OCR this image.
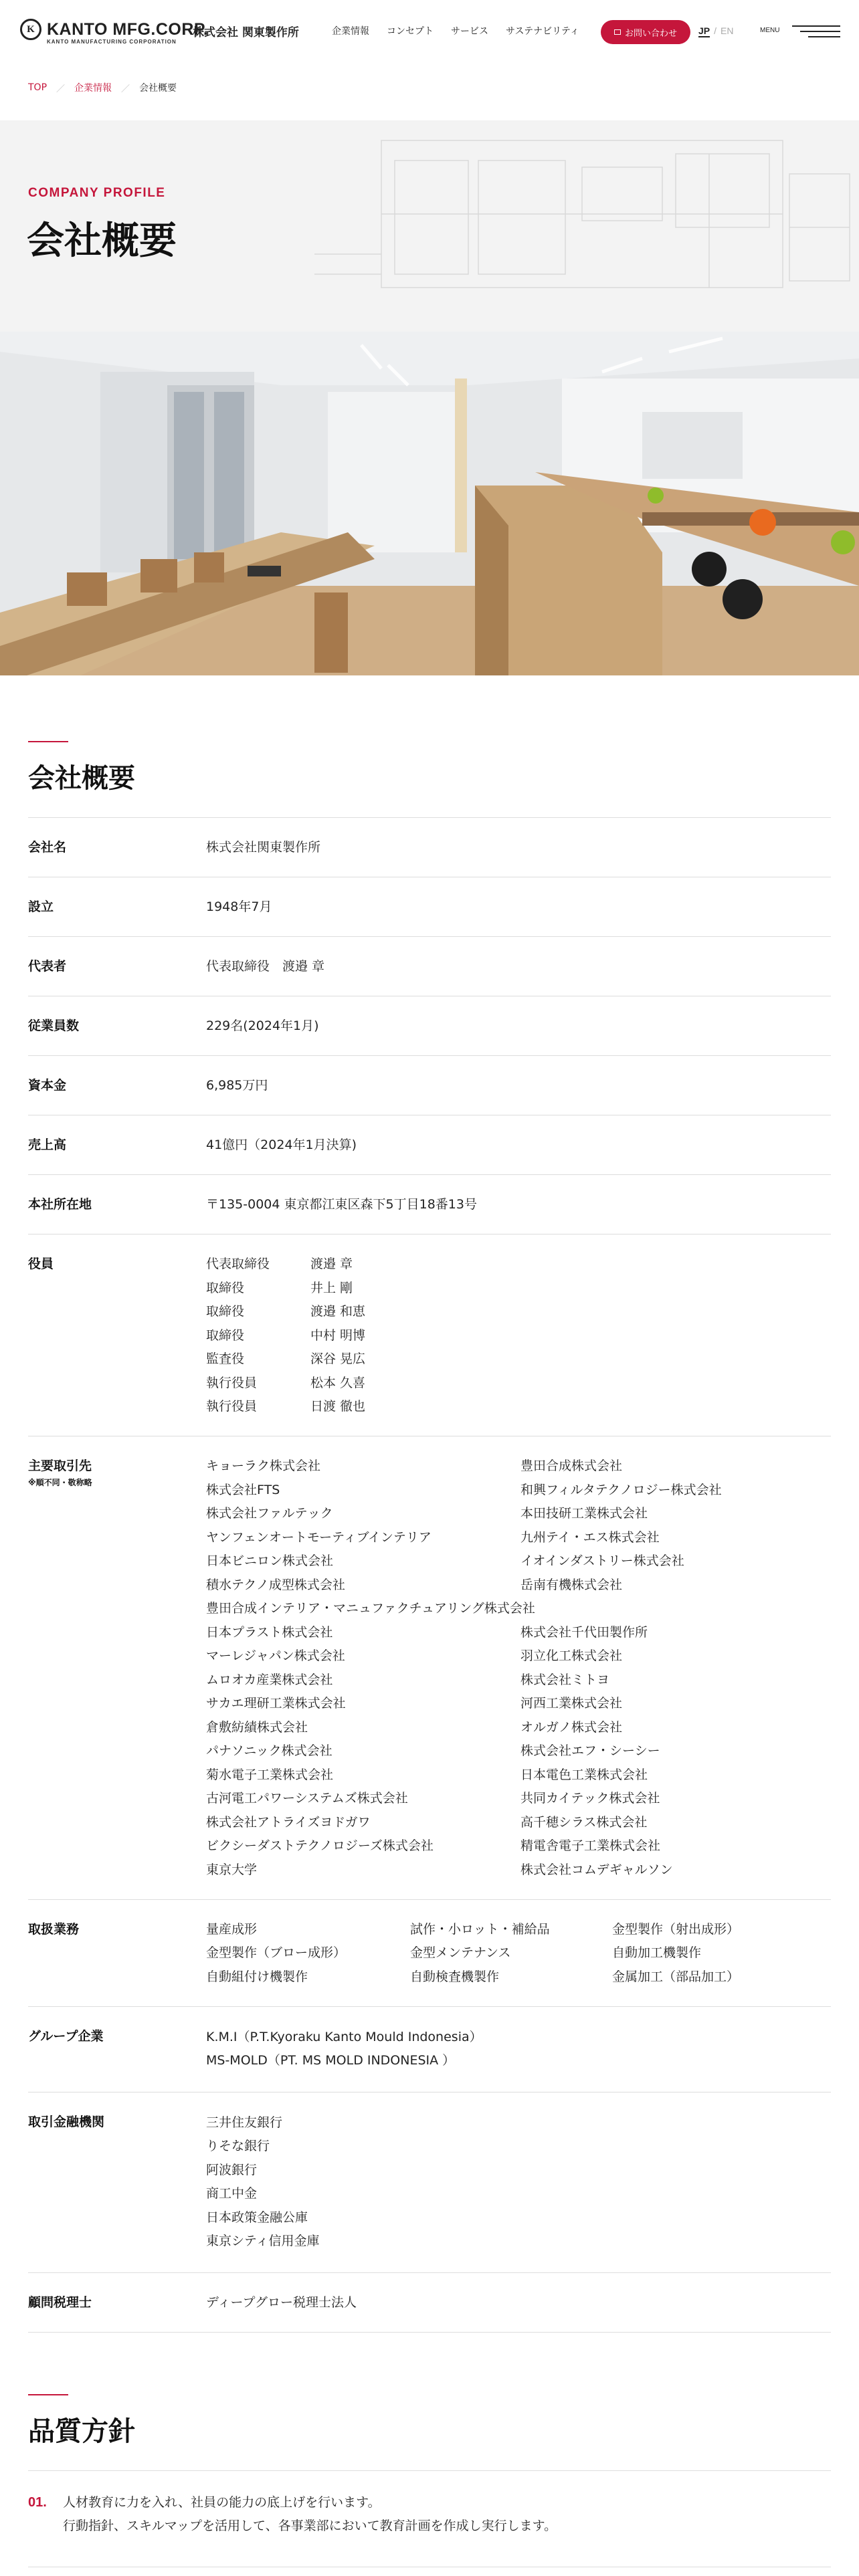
K KANTO MFG.CORP.
KANTO MANUFACTURING CORPORATION
株式会社 関東製作所	企業情報 コンセプト サービス サステナビリティ	お問い合わせ JP / EN	MENU
TOP ／ 企業情報 ／ 会社概要
COMPANY PROFILE
会社概要
会社概要
会社名	株式会社関東製作所
設立	1948年7月
代表者	代表取締役　渡邉 章
従業員数	229名(2024年1月)
資本金	6,985万円
売上高	41億円（2024年1月決算)
本社所在地	〒135-0004 東京都江東区森下5丁目18番13号
役員	代表取締役	渡邉 章
取締役	井上 剛
取締役	渡邉 和恵
取締役	中村 明博
監査役	深谷 晃広
執行役員	松本 久喜
執行役員	日渡 徹也
主要取引先
※順不同・敬称略
キョーラク株式会社	豊田合成株式会社
株式会社FTS	和興フィルタテクノロジー株式会社
株式会社ファルテック	本田技研工業株式会社
ヤンフェンオートモーティブインテリア	九州テイ・エス株式会社
日本ビニロン株式会社	イオインダストリー株式会社
積水テクノ成型株式会社	岳南有機株式会社
豊田合成インテリア・マニュファクチュアリング株式会社
日本プラスト株式会社	株式会社千代田製作所
マーレジャパン株式会社	羽立化工株式会社
ムロオカ産業株式会社	株式会社ミトヨ
サカエ理研工業株式会社	河西工業株式会社
倉敷紡績株式会社	オルガノ株式会社
パナソニック株式会社	株式会社エフ・シーシー
菊水電子工業株式会社	日本電色工業株式会社
古河電工パワーシステムズ株式会社	共同カイテック株式会社
株式会社アトライズヨドガワ	高千穂シラス株式会社
ビクシーダストテクノロジーズ株式会社	精電舎電子工業株式会社
東京大学	株式会社コムデギャルソン
取扱業務	量産成形	試作・小ロット・補給品	金型製作（射出成形）
金型製作（ブロー成形）	金型メンテナンス	自動加工機製作
自動組付け機製作	自動検査機製作	金属加工（部品加工）
グループ企業	K.M.I（P.T.Kyoraku Kanto Mould Indonesia）
MS-MOLD（PT. MS MOLD INDONESIA ）
取引金融機関	三井住友銀行
りそな銀行
阿波銀行
商工中金
日本政策金融公庫
東京シティ信用金庫
顧問税理士	ディープグロー税理士法人
品質方針
01.	人材教育に力を入れ、社員の能力の底上げを行います。
行動指針、スキルマップを活用して、各事業部において教育計画を作成し実行します。
